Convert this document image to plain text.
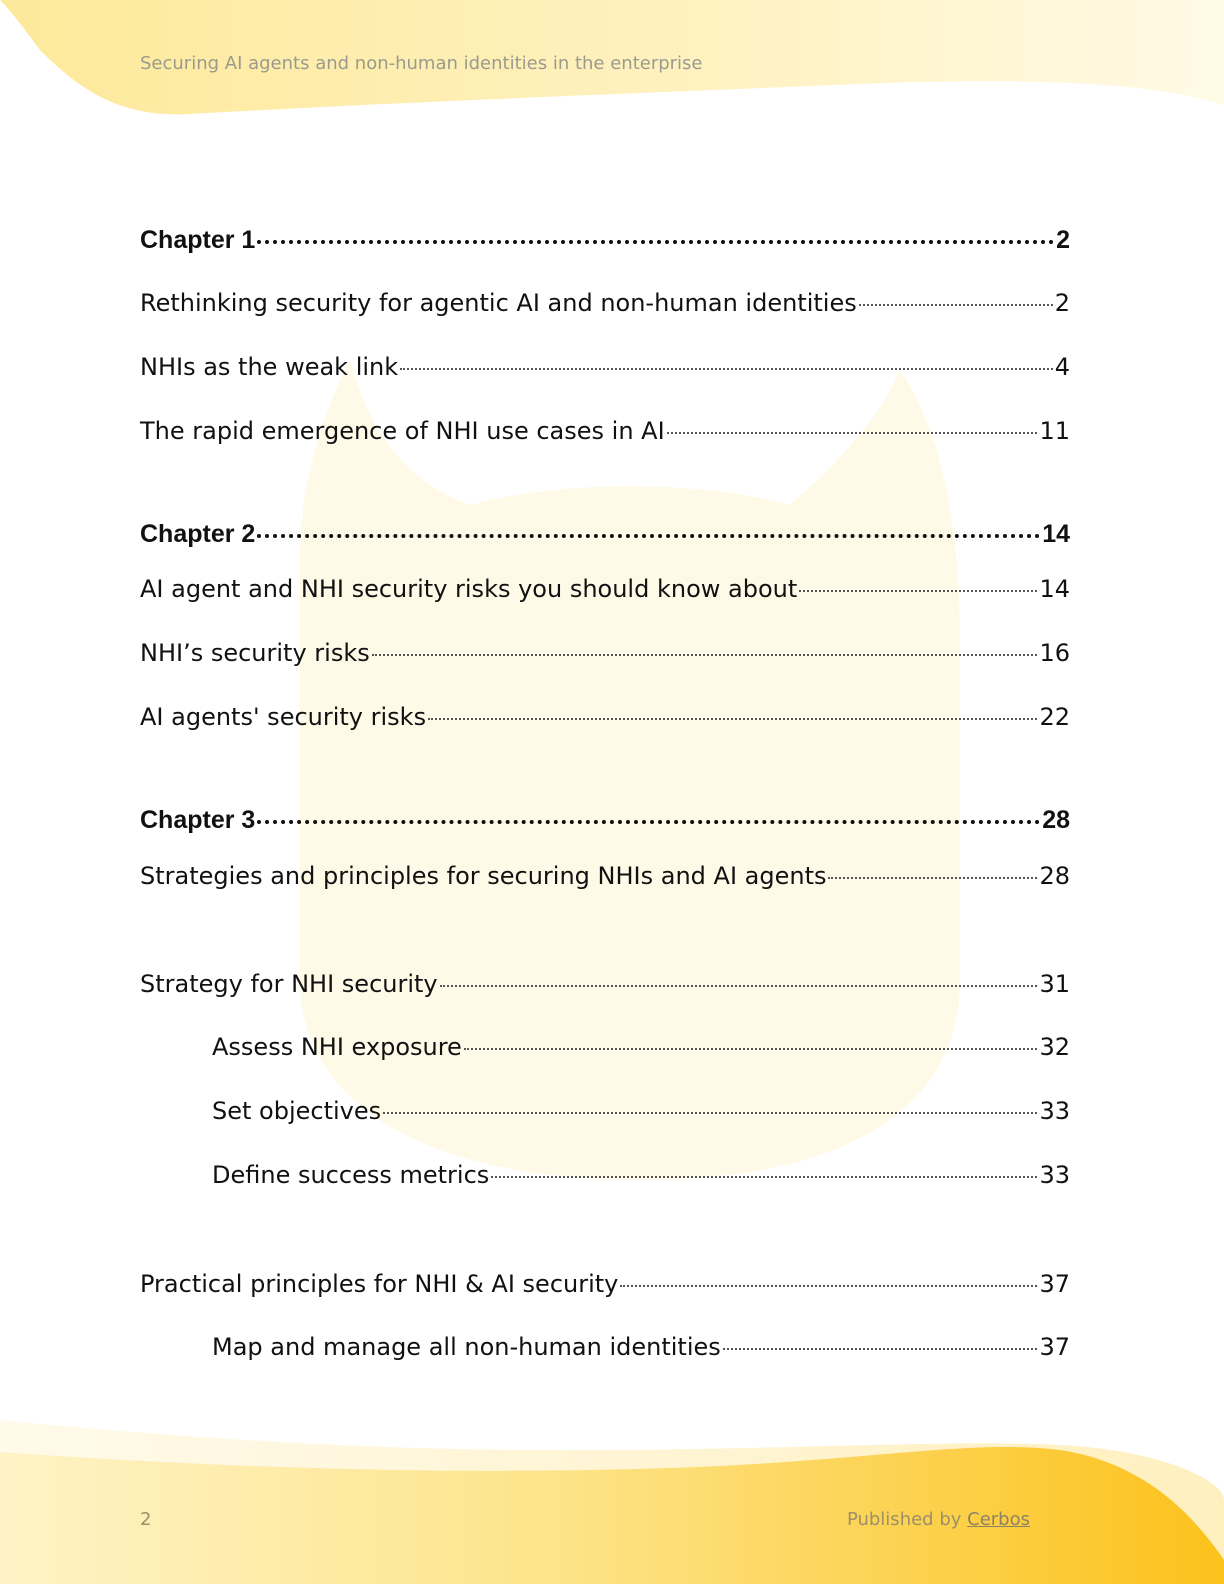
Securing AI agents and non-human identities in the enterprise
Chapter 1	2
Rethinking security for agentic AI and non-human identities	2
NHIs as the weak link	4
The rapid emergence of NHI use cases in AI	11
Chapter 2	14
AI agent and NHI security risks you should know about	14
NHI’s security risks	16
AI agents' security risks	22
Chapter 3	28
Strategies and principles for securing NHIs and AI agents	28
Strategy for NHI security	31
Assess NHI exposure	32
Set objectives	33
Define success metrics	33
Practical principles for NHI & AI security	37
Map and manage all non-human identities	37
2	Published by Cerbos
